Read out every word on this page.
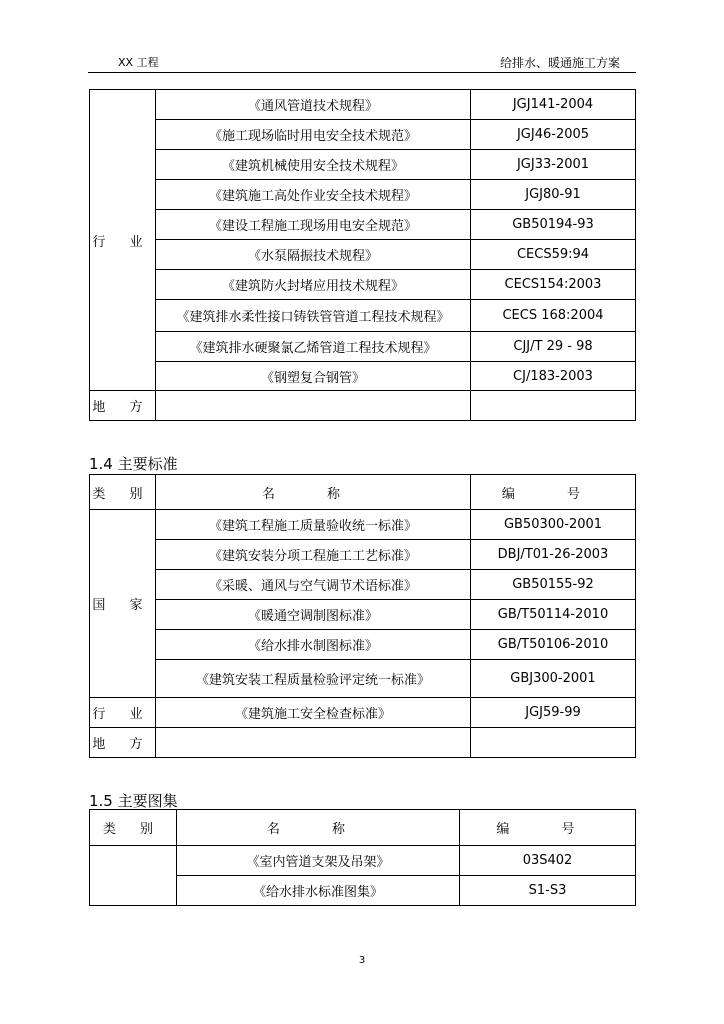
XX 工程	给排水、暖通施工方案
行 业	《通风管道技术规程》	JGJ141-2004
	《施工现场临时用电安全技术规范》	JGJ46-2005
	《建筑机械使用安全技术规程》	JGJ33-2001
	《建筑施工高处作业安全技术规程》	JGJ80-91
	《建设工程施工现场用电安全规范》	GB50194-93
	《水泵隔振技术规程》	CECS59:94
	《建筑防火封堵应用技术规程》	CECS154:2003
	《建筑排水柔性接口铸铁管管道工程技术规程》	CECS 168:2004
	《建筑排水硬聚氯乙烯管道工程技术规程》	CJJ/T 29 - 98
	《钢塑复合钢管》	CJ/183-2003
地 方		
1.4 主要标准
类 别	名 称	编 号
国 家	《建筑工程施工质量验收统一标准》	GB50300-2001
	《建筑安装分项工程施工工艺标准》	DBJ/T01-26-2003
	《采暖、通风与空气调节术语标准》	GB50155-92
	《暖通空调制图标准》	GB/T50114-2010
	《给水排水制图标准》	GB/T50106-2010
	《建筑安装工程质量检验评定统一标准》	GBJ300-2001
行 业	《建筑施工安全检查标准》	JGJ59-99
地 方		
1.5 主要图集
类 别	名 称	编 号
	《室内管道支架及吊架》	03S402
	《给水排水标准图集》	S1-S3
3
